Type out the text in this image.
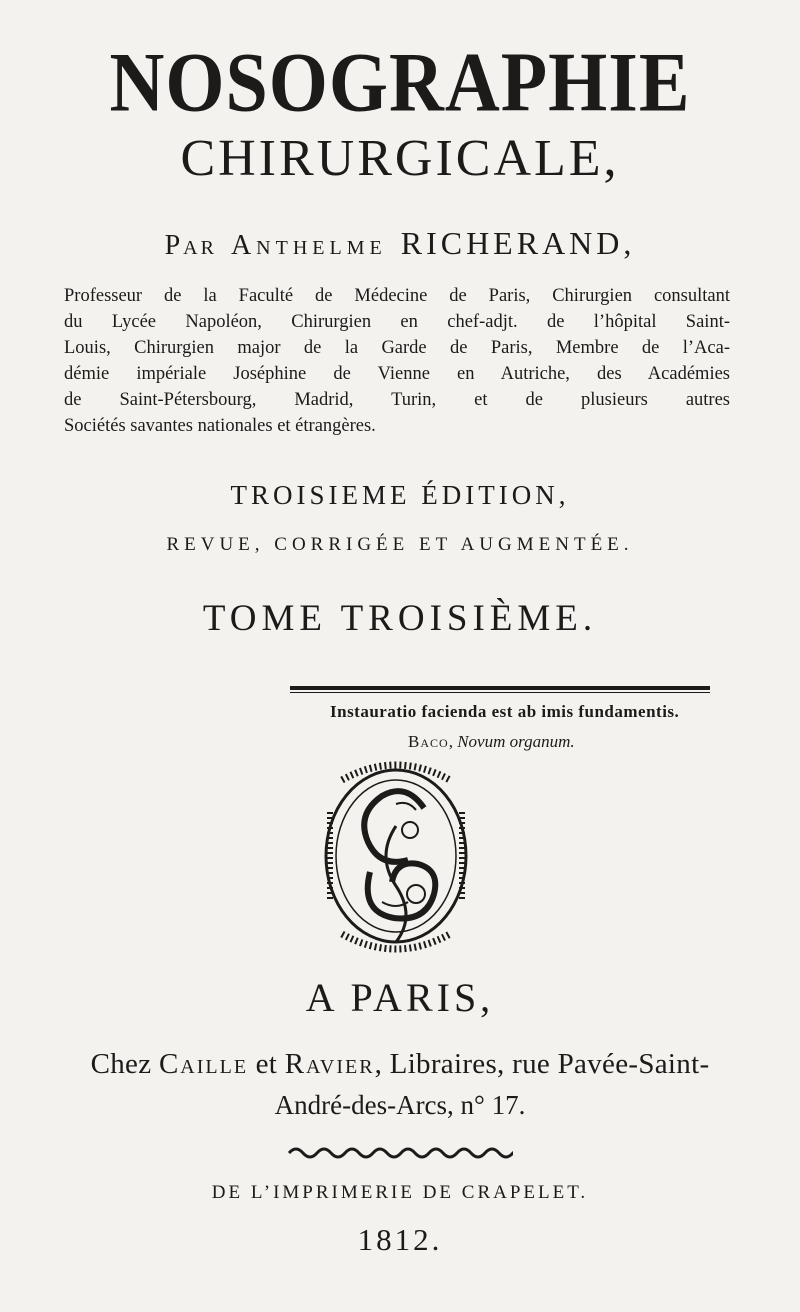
NOSOGRAPHIE
CHIRURGICALE,
Par Anthelme RICHERAND,
Professeur de la Faculté de Médecine de Paris, Chirurgien consultant
du Lycée Napoléon, Chirurgien en chef-adjt. de l’hôpital Saint-
Louis, Chirurgien major de la Garde de Paris, Membre de l’Aca-
démie impériale Joséphine de Vienne en Autriche, des Académies
de Saint-Pétersbourg, Madrid, Turin, et de plusieurs autres
Sociétés savantes nationales et étrangères.
TROISIEME ÉDITION,
REVUE, CORRIGÉE ET AUGMENTÉE.
TOME TROISIÈME.
Instauratio facienda est ab imis fundamentis.
Baco, Novum organum.
A PARIS,
Chez Caille et Ravier, Libraires, rue Pavée-Saint-
André-des-Arcs, n° 17.
DE L’IMPRIMERIE DE CRAPELET.
1812.
